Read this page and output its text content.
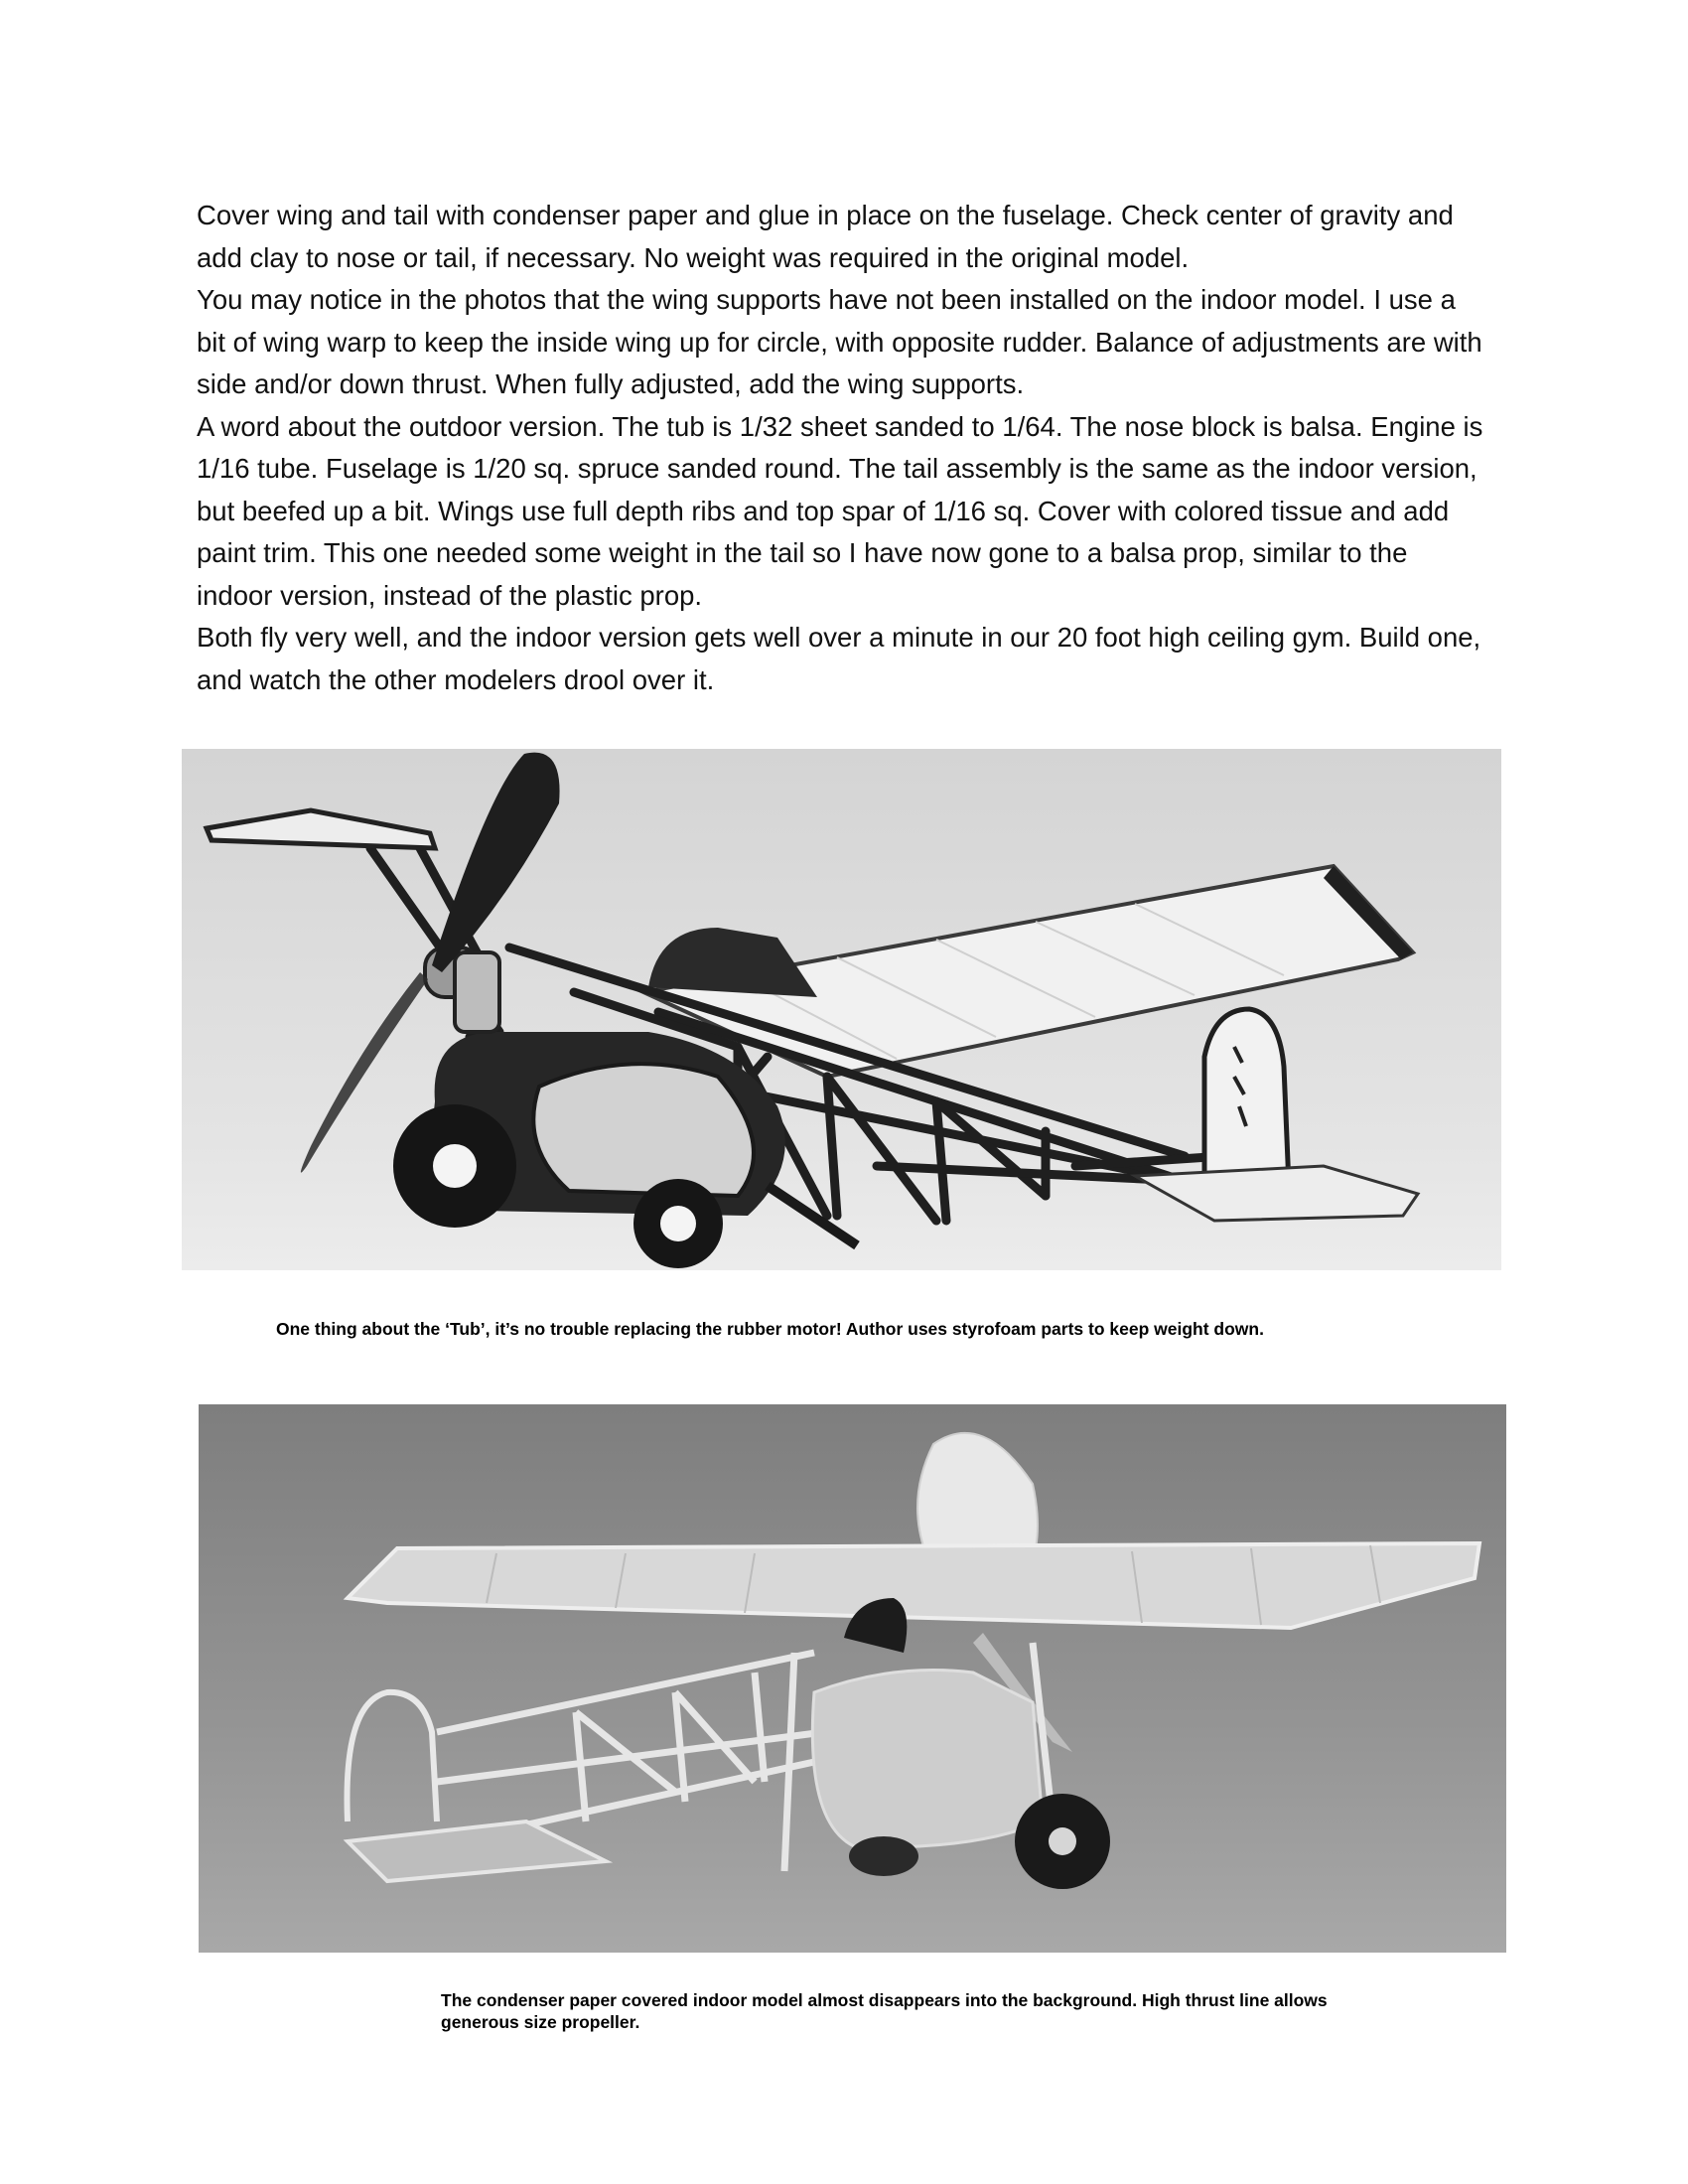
Cover wing and tail with condenser paper and glue in place on the fuselage. Check center of gravity and add clay to nose or tail, if necessary. No weight was required in the original model.

You may notice in the photos that the wing supports have not been installed on the indoor model. I use a bit of wing warp to keep the inside wing up for circle, with opposite rudder. Balance of adjustments are with side and/or down thrust. When fully adjusted, add the wing supports.

A word about the outdoor version. The tub is 1/32 sheet sanded to 1/64. The nose block is balsa. Engine is 1/16 tube. Fuselage is 1/20 sq. spruce sanded round. The tail assembly is the same as the indoor version, but beefed up a bit. Wings use full depth ribs and top spar of 1/16 sq. Cover with colored tissue and add paint trim. This one needed some weight in the tail so I have now gone to a balsa prop, similar to the indoor version, instead of the plastic prop.

Both fly very well, and the indoor version gets well over a minute in our 20 foot high ceiling gym. Build one, and watch the other modelers drool over it.

One thing about the ‘Tub’, it’s no trouble replacing the rubber motor! Author uses styrofoam parts to keep weight down.
The condenser paper covered indoor model almost disappears into the background. High thrust line allows generous size propeller.
